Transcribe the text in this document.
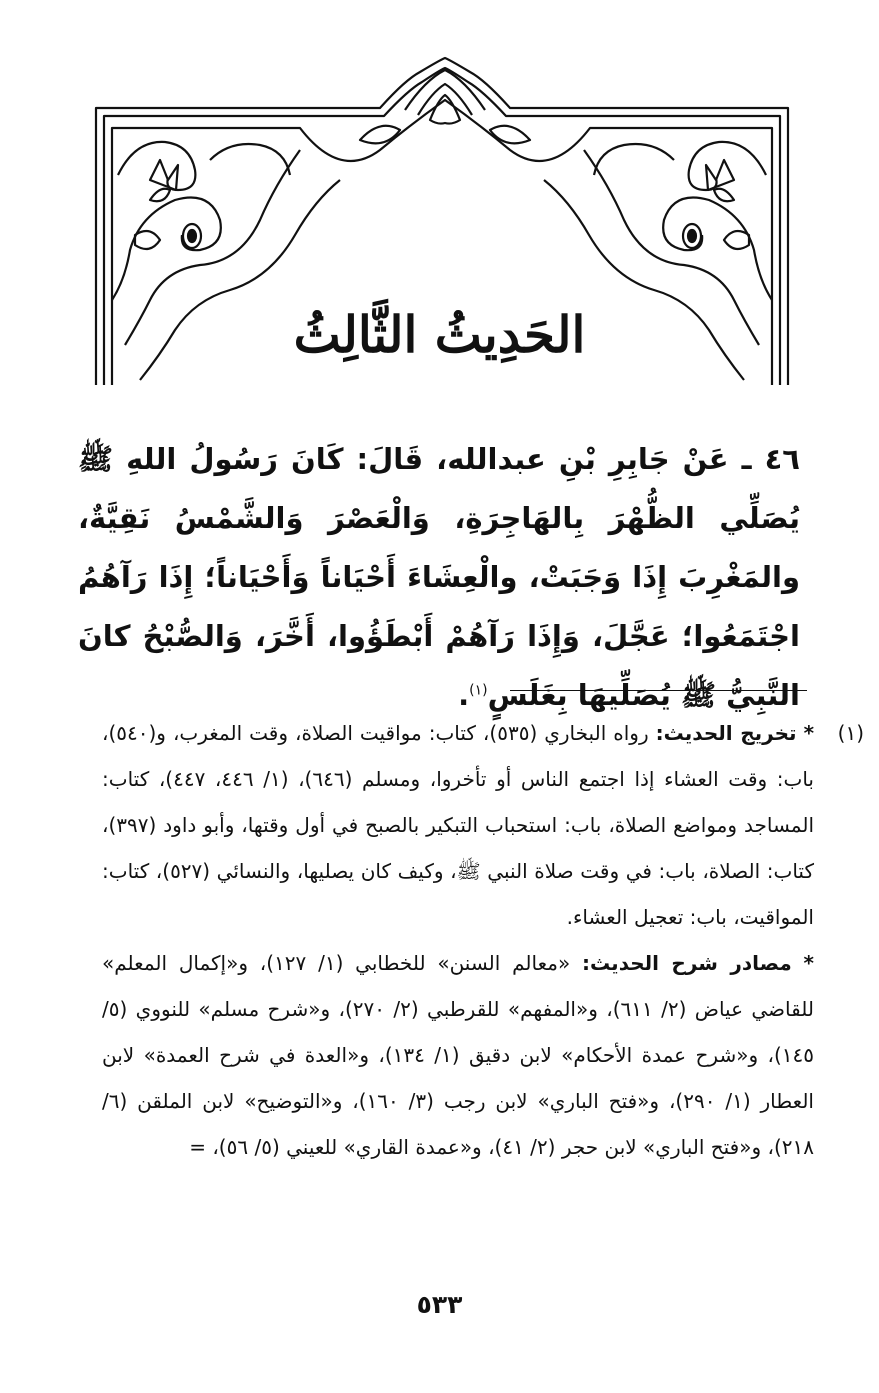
الحَدِيثُ الثَّالِثُ
٤٦ ـ عَنْ جَابِرِ بْنِ عبدالله، قَالَ: كَانَ رَسُولُ اللهِ ﷺ يُصَلِّي الظُّهْرَ بِالهَاجِرَةِ، وَالْعَصْرَ وَالشَّمْسُ نَقِيَّةٌ، والمَغْرِبَ إِذَا وَجَبَتْ، والْعِشَاءَ أَحْيَاناً وَأَحْيَاناً؛ إِذَا رَآهُمُ اجْتَمَعُوا؛ عَجَّلَ، وَإِذَا رَآهُمْ أَبْطَؤُوا، أَخَّرَ، وَالصُّبْحُ كانَ النَّبِيُّ ﷺ يُصَلِّيهَا بِغَلَسٍ$^{(١)}$.
(١)

* تخريج الحديث: رواه البخاري (٥٣٥)، كتاب: مواقيت الصلاة، وقت المغرب، و(٥٤٠)، باب: وقت العشاء إذا اجتمع الناس أو تأخروا، ومسلم (٦٤٦)، (١/ ٤٤٦، ٤٤٧)، كتاب: المساجد ومواضع الصلاة، باب: استحباب التبكير بالصبح في أول وقتها، وأبو داود (٣٩٧)، كتاب: الصلاة، باب: في وقت صلاة النبي ﷺ، وكيف كان يصليها، والنسائي (٥٢٧)، كتاب: المواقيت، باب: تعجيل العشاء.

* مصادر شرح الحديث: «معالم السنن» للخطابي (١/ ١٢٧)، و«إكمال المعلم» للقاضي عياض (٢/ ٦١١)، و«المفهم» للقرطبي (٢/ ٢٧٠)، و«شرح مسلم» للنووي (٥/ ١٤٥)، و«شرح عمدة الأحكام» لابن دقيق (١/ ١٣٤)، و«العدة في شرح العمدة» لابن العطار (١/ ٢٩٠)، و«فتح الباري» لابن رجب (٣/ ١٦٠)، و«التوضيح» لابن الملقن (٦/ ٢١٨)، و«فتح الباري» لابن حجر (٢/ ٤١)، و«عمدة القاري» للعيني (٥/ ٥٦)، =

٥٣٣
